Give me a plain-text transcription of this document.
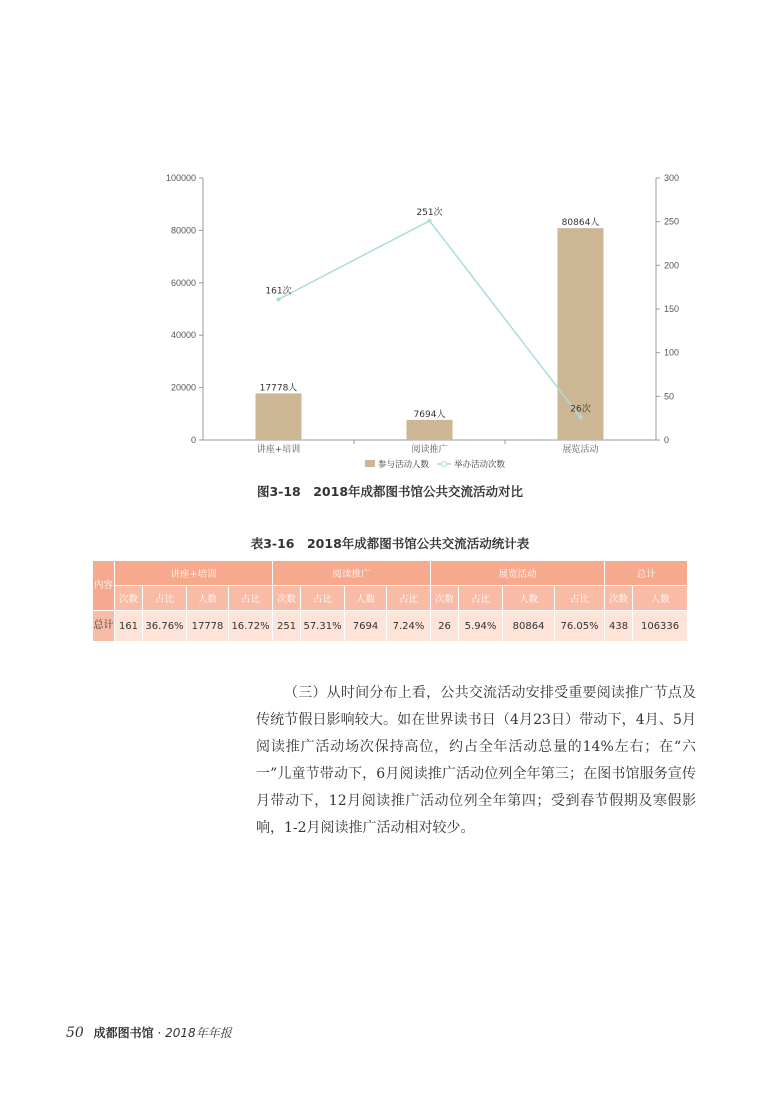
0
20000
40000
60000
80000
100000
0
50
100
150
200
250
300
讲座+培训	阅读推广	展览活动
17778人
7694人
80864人
161次
251次
26次
参与活动人数	举办活动次数
图3-18　2018年成都图书馆公共交流活动对比
表3-16　2018年成都图书馆公共交流活动统计表
内容	讲座+培训				阅读推广				展览活动				总计	
	次数	占比	人数	占比	次数	占比	人数	占比	次数	占比	人数	占比	次数	人数
总计	161	36.76%	17778	16.72%	251	57.31%	7694	7.24%	26	5.94%	80864	76.05%	438	106336

（三）从时间分布上看，公共交流活动安排受重要阅读推广节点及传统节假日影响较大。如在世界读书日（4月23日）带动下，4月、5月阅读推广活动场次保持高位，约占全年活动总量的14%左右；在“六一”儿童节带动下，6月阅读推广活动位列全年第三；在图书馆服务宣传月带动下，12月阅读推广活动位列全年第四；受到春节假期及寒假影响，1-2月阅读推广活动相对较少。

50 成都图书馆 · 2018年年报
